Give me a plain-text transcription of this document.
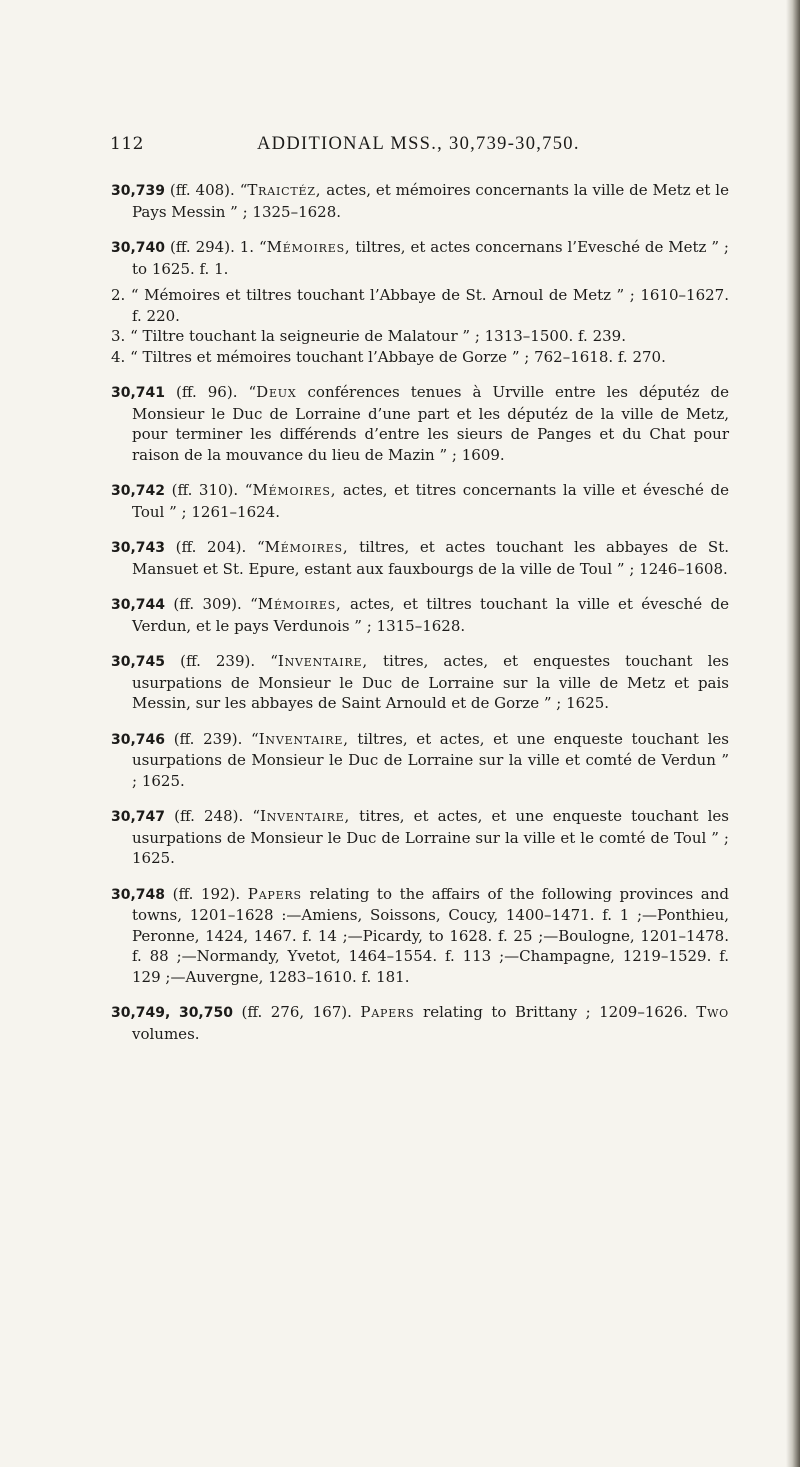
112	ADDITIONAL MSS., 30,739-30,750.

30,739 (ff. 408). “Traictéz, actes, et mémoires concernants la ville de Metz et le Pays Messin ” ; 1325–1628.

30,740 (ff. 294). 1. “Mémoires, tiltres, et actes concernans l’Evesché de Metz ” ; to 1625. f. 1.

2. “ Mémoires et tiltres touchant l’Abbaye de St. Arnoul de Metz ” ; 1610–1627. f. 220.

3. “ Tiltre touchant la seigneurie de Malatour ” ; 1313–1500. f. 239.

4. “ Tiltres et mémoires touchant l’Abbaye de Gorze ” ; 762–1618. f. 270.

30,741 (ff. 96). “Deux conférences tenues à Urville entre les députéz de Monsieur le Duc de Lorraine d’une part et les députéz de la ville de Metz, pour terminer les différends d’entre les sieurs de Panges et du Chat pour raison de la mouvance du lieu de Mazin ” ; 1609.

30,742 (ff. 310). “Mémoires, actes, et titres concernants la ville et évesché de Toul ” ; 1261–1624.

30,743 (ff. 204). “Mémoires, tiltres, et actes touchant les abbayes de St. Mansuet et St. Epure, estant aux fauxbourgs de la ville de Toul ” ; 1246–1608.

30,744 (ff. 309). “Mémoires, actes, et tiltres touchant la ville et évesché de Verdun, et le pays Verdunois ” ; 1315–1628.

30,745 (ff. 239). “Inventaire, titres, actes, et enquestes touchant les usurpations de Monsieur le Duc de Lorraine sur la ville de Metz et pais Messin, sur les abbayes de Saint Arnould et de Gorze ” ; 1625.

30,746 (ff. 239). “Inventaire, tiltres, et actes, et une enqueste touchant les usurpations de Monsieur le Duc de Lorraine sur la ville et comté de Verdun ” ; 1625.

30,747 (ff. 248). “Inventaire, titres, et actes, et une enqueste touchant les usurpations de Monsieur le Duc de Lorraine sur la ville et le comté de Toul ” ; 1625.

30,748 (ff. 192). Papers relating to the affairs of the following provinces and towns, 1201–1628 :—Amiens, Soissons, Coucy, 1400–1471. f. 1 ;—Ponthieu, Peronne, 1424, 1467. f. 14 ;—Picardy, to 1628. f. 25 ;—Boulogne, 1201–1478. f. 88 ;—Normandy, Yvetot, 1464–1554. f. 113 ;—Champagne, 1219–1529. f. 129 ;—Auvergne, 1283–1610. f. 181.

30,749, 30,750 (ff. 276, 167). Papers relating to Brittany ; 1209–1626. Two volumes.
